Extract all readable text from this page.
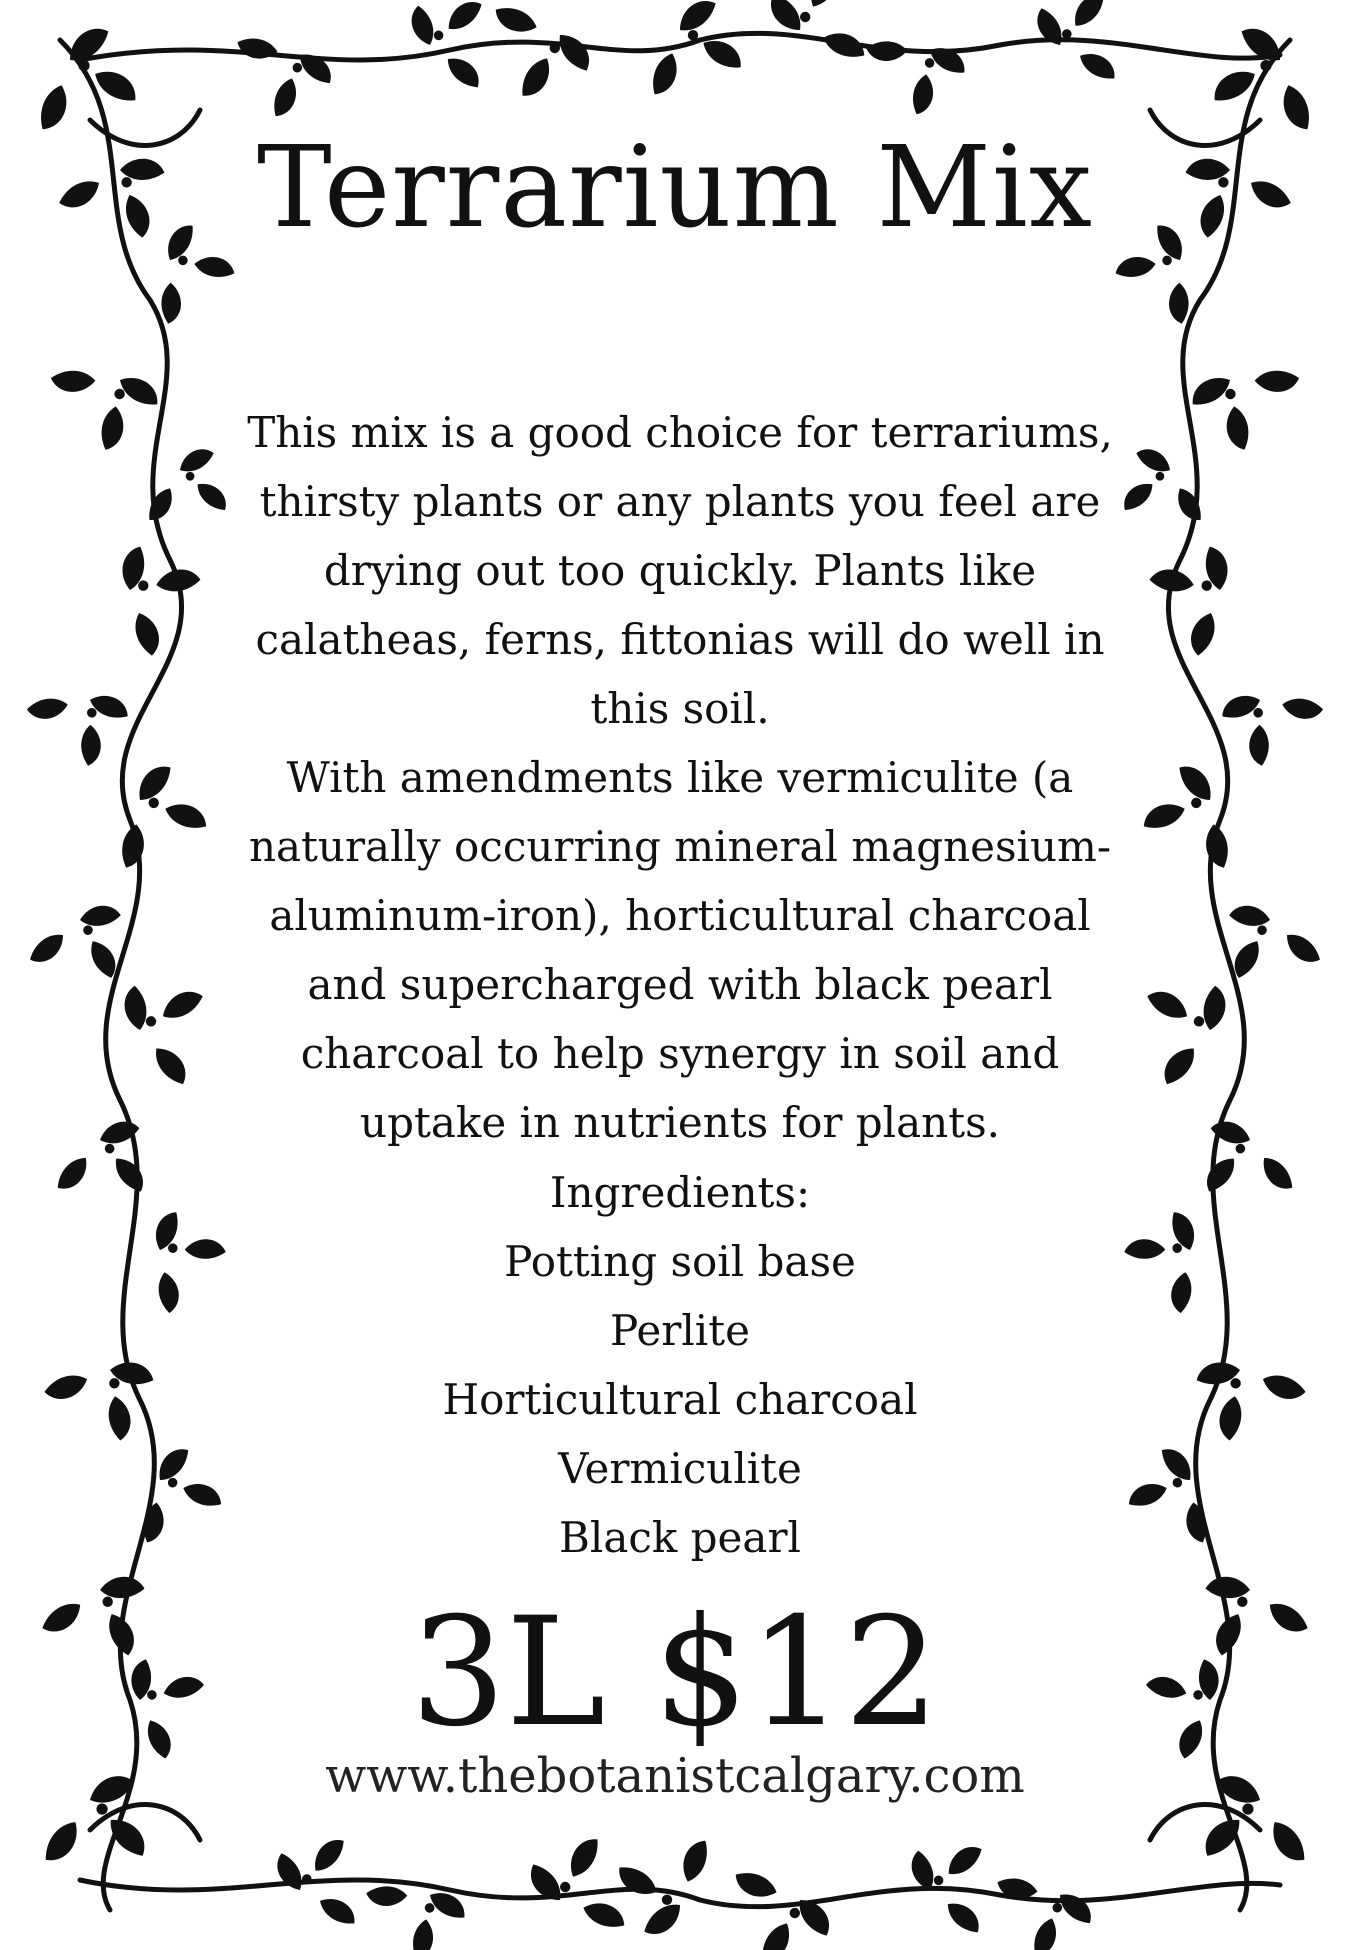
Terrarium Mix
This mix is a good choice for terrariums, thirsty plants or any plants you feel are drying out too quickly. Plants like calatheas, ferns, fittonias will do well in this soil.
With amendments like vermiculite (a naturally occurring mineral magnesium-aluminum-iron), horticultural charcoal and supercharged with black pearl charcoal to help synergy in soil and uptake in nutrients for plants.
Ingredients:
Potting soil base
Perlite
Horticultural charcoal
Vermiculite
Black pearl
3L $12
www.thebotanistcalgary.com
